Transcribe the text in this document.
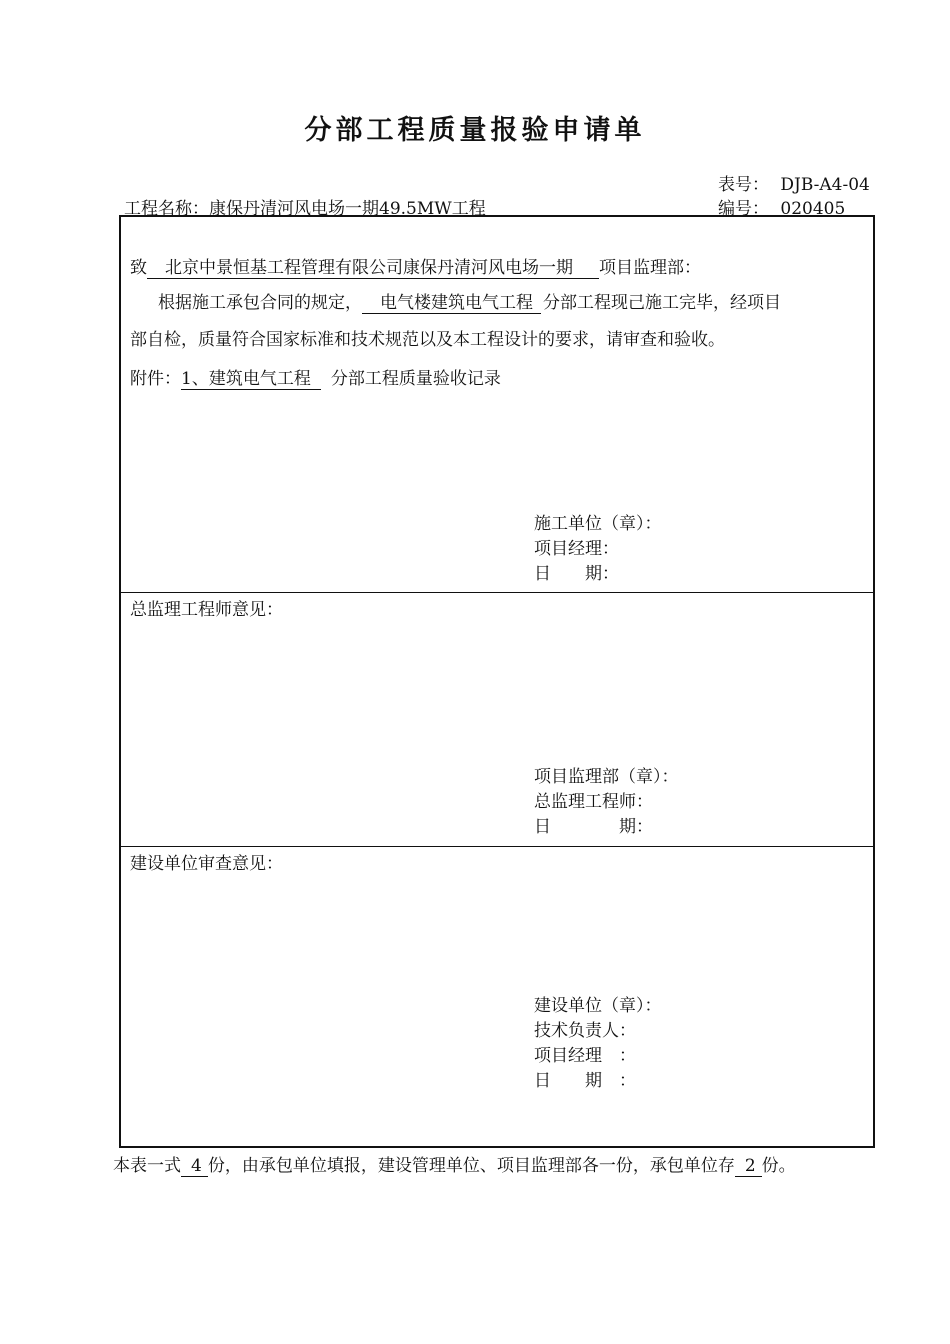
分部工程质量报验申请单
表号： DJB-A4-04
工程名称：康保丹清河风电场一期49.5MW工程	编号： 020405
致 北京中景恒基工程管理有限公司康保丹清河风电场一期 项目监理部：
根据施工承包合同的规定， 电气楼建筑电气工程 分部工程现己施工完毕，经项目
部自检，质量符合国家标准和技术规范以及本工程设计的要求，请审查和验收。
附件：1、建筑电气工程 分部工程质量验收记录
施工单位（章）：
项目经理：
日　　期：
总监理工程师意见：
项目监理部（章）：
总监理工程师：
日　　　　期：
建设单位审查意见：
建设单位（章）：
技术负责人：
项目经理　：
日　　期　：
本表一式 4 份，由承包单位填报，建设管理单位、项目监理部各一份，承包单位存 2 份。
